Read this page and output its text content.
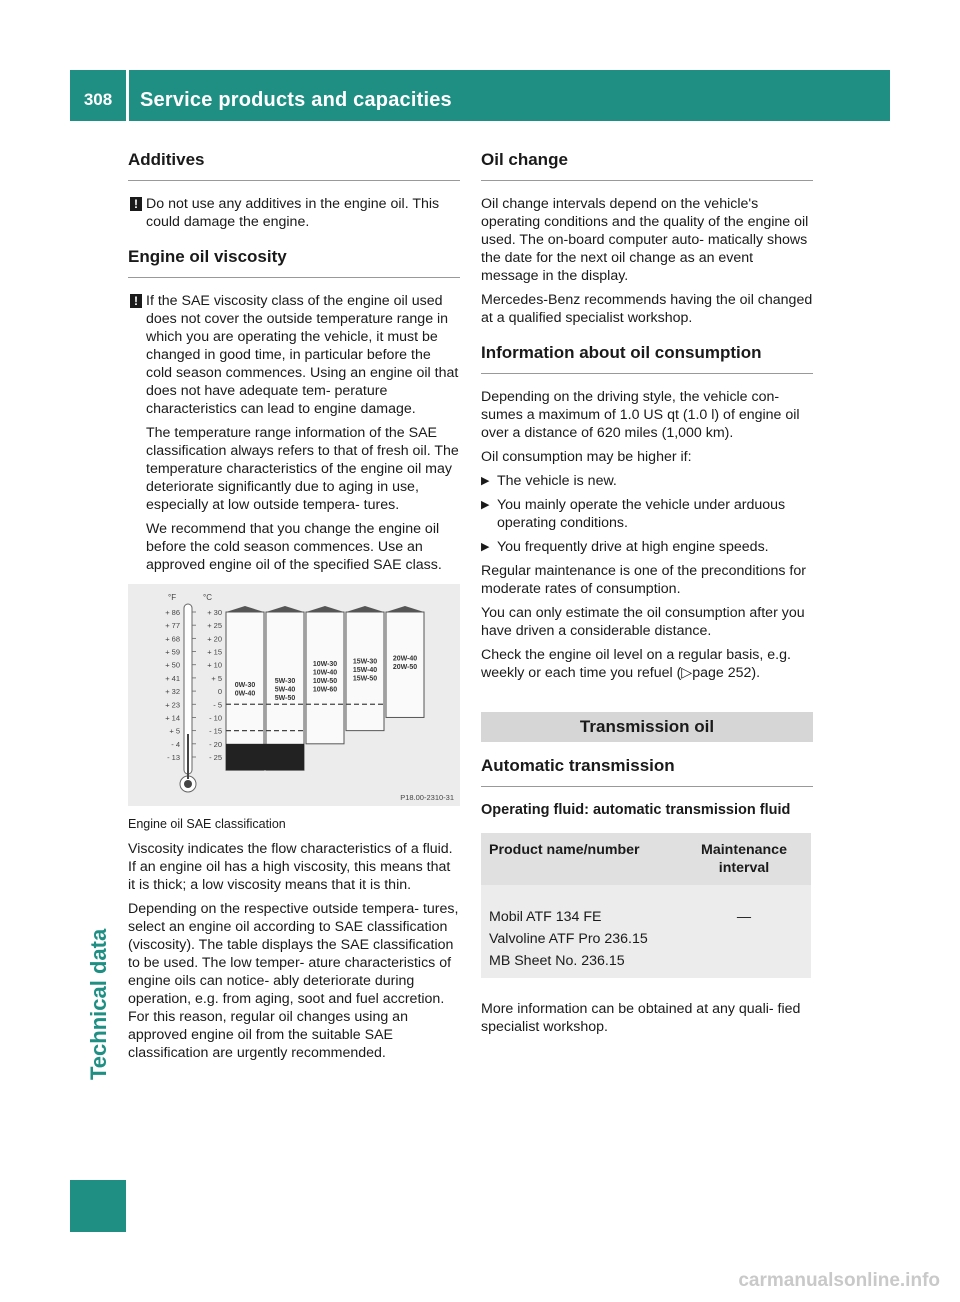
308	Service products and capacities
Technical data
Additives

! Do not use any additives in the engine oil. This could damage the engine.

Engine oil viscosity

! If the SAE viscosity class of the engine oil used does not cover the outside temperature range in which you are operating the vehicle, it must be changed in good time, in particular before the cold season commences. Using an engine oil that does not have adequate tem- perature characteristics can lead to engine damage.

The temperature range information of the SAE classification always refers to that of fresh oil. The temperature characteristics of the engine oil may deteriorate significantly due to aging in use, especially at low outside tempera- tures.

We recommend that you change the engine oil before the cold season commences. Use an approved engine oil of the specified SAE class.

°F	°C
+ 86
+ 77
+ 68
+ 59
+ 50
+ 41
+ 32
+ 23
+ 14
+ 5
- 4
- 13
+ 30
+ 25
+ 20
+ 15
+ 10
+ 5
0
- 5
- 10
- 15
- 20
- 25
0W-30
0W-40
5W-30
5W-40
5W-50
10W-30
10W-40
10W-50
10W-60
15W-30
15W-40
15W-50
20W-40
20W-50
P18.00-2310-31
Engine oil SAE classification

Viscosity indicates the flow characteristics of a fluid. If an engine oil has a high viscosity, this means that it is thick; a low viscosity means that it is thin.

Depending on the respective outside tempera- tures, select an engine oil according to SAE classification (viscosity). The table displays the SAE classification to be used. The low temper- ature characteristics of engine oils can notice- ably deteriorate during operation, e.g. from aging, soot and fuel accretion. For this reason, regular oil changes using an approved engine oil from the suitable SAE classification are urgently recommended.

Oil change

Oil change intervals depend on the vehicle's operating conditions and the quality of the engine oil used. The on-board computer auto- matically shows the date for the next oil change as an event message in the display.

Mercedes-Benz recommends having the oil changed at a qualified specialist workshop.

Information about oil consumption

Depending on the driving style, the vehicle con- sumes a maximum of 1.0 US qt (1.0 l) of engine oil over a distance of 620 miles (1,000 km).

Oil consumption may be higher if:

▶ The vehicle is new.
▶ You mainly operate the vehicle under arduous operating conditions.
▶ You frequently drive at high engine speeds.

Regular maintenance is one of the preconditions for moderate rates of consumption.

You can only estimate the oil consumption after you have driven a considerable distance.

Check the engine oil level on a regular basis, e.g. weekly or each time you refuel (▷page 252).

Transmission oil
Automatic transmission
Operating fluid: automatic transmission fluid
Product name/number	Maintenance interval

Mobil ATF 134 FE
Valvoline ATF Pro 236.15
MB Sheet No. 236.15	—

More information can be obtained at any quali- fied specialist workshop.

carmanualsonline.info
